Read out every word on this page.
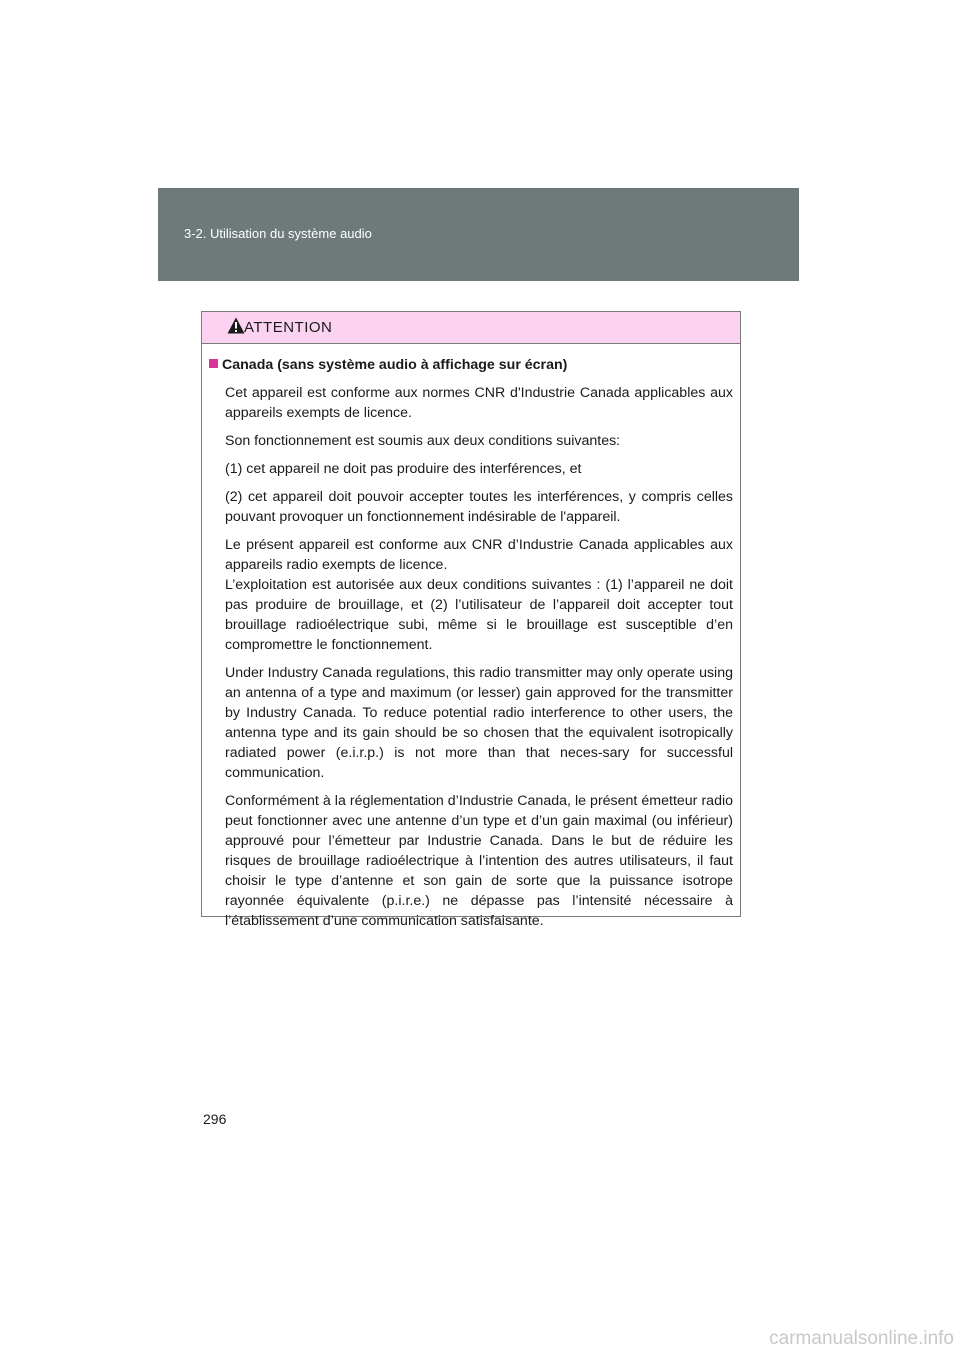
3-2. Utilisation du système audio
ATTENTION
Canada (sans système audio à affichage sur écran)

Cet appareil est conforme aux normes CNR d'Industrie Canada applicables aux appareils exempts de licence.

Son fonctionnement est soumis aux deux conditions suivantes:

(1) cet appareil ne doit pas produire des interférences, et

(2) cet appareil doit pouvoir accepter toutes les interférences, y compris celles pouvant provoquer un fonctionnement indésirable de l'appareil.

Le présent appareil est conforme aux CNR d’Industrie Canada applicables aux appareils radio exempts de licence.

L’exploitation est autorisée aux deux conditions suivantes : (1) l’appareil ne doit pas produire de brouillage, et (2) l’utilisateur de l’appareil doit accepter tout brouillage radioélectrique subi, même si le brouillage est susceptible d’en compromettre le fonctionnement.

Under Industry Canada regulations, this radio transmitter may only operate using an antenna of a type and maximum (or lesser) gain approved for the transmitter by Industry Canada. To reduce potential radio interference to other users, the antenna type and its gain should be so chosen that the equivalent isotropically radiated power (e.i.r.p.) is not more than that neces-sary for successful communication.

Conformément à la réglementation d’Industrie Canada, le présent émetteur radio peut fonctionner avec une antenne d’un type et d’un gain maximal (ou inférieur) approuvé pour l’émetteur par Industrie Canada. Dans le but de réduire les risques de brouillage radioélectrique à l’intention des autres utilisateurs, il faut choisir le type d’antenne et son gain de sorte que la puissance isotrope rayonnée équivalente (p.i.r.e.) ne dépasse pas l’intensité nécessaire à l’établissement d’une communication satisfaisante.

296
carmanualsonline.info
